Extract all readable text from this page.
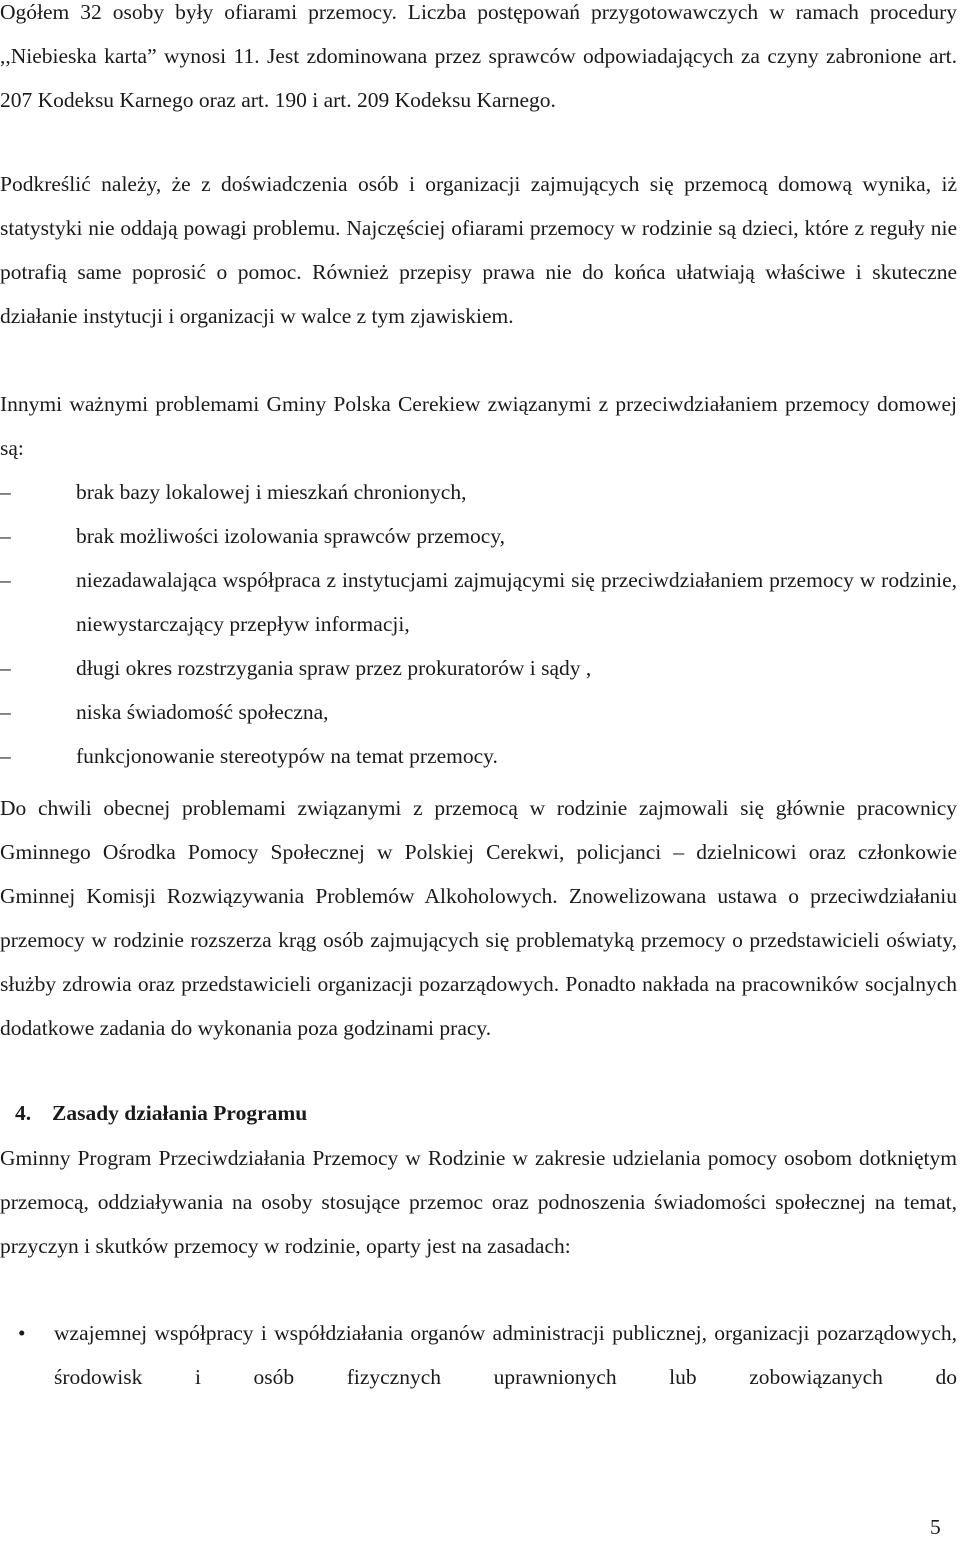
Ogółem 32 osoby były ofiarami przemocy. Liczba postępowań przygotowawczych w ramach procedury ,,Niebieska karta” wynosi 11. Jest zdominowana przez sprawców odpowiadających za czyny zabronione art. 207 Kodeksu Karnego oraz art. 190 i art. 209 Kodeksu Karnego.
Podkreślić należy, że z doświadczenia osób i organizacji zajmujących się przemocą domową wynika, iż statystyki nie oddają powagi problemu. Najczęściej ofiarami przemocy w rodzinie są dzieci, które z reguły nie potrafią same poprosić o pomoc. Również przepisy prawa nie do końca ułatwiają właściwe i skuteczne działanie instytucji i organizacji w walce z tym zjawiskiem.
Innymi ważnymi problemami Gminy Polska Cerekiew związanymi z przeciwdziałaniem przemocy domowej są:
–	brak bazy lokalowej i mieszkań chronionych,
–	brak możliwości izolowania sprawców przemocy,
–	niezadawalająca współpraca z instytucjami zajmującymi się przeciwdziałaniem przemocy w rodzinie, niewystarczający przepływ informacji,
–	długi okres rozstrzygania spraw przez prokuratorów i sądy ,
–	niska świadomość społeczna,
–	funkcjonowanie stereotypów na temat przemocy.
Do chwili obecnej problemami związanymi z przemocą w rodzinie zajmowali się głównie pracownicy Gminnego Ośrodka Pomocy Społecznej w Polskiej Cerekwi, policjanci – dzielnicowi oraz członkowie Gminnej Komisji Rozwiązywania Problemów Alkoholowych. Znowelizowana ustawa o przeciwdziałaniu przemocy w rodzinie rozszerza krąg osób zajmujących się problematyką przemocy o przedstawicieli oświaty, służby zdrowia oraz przedstawicieli organizacji pozarządowych. Ponadto nakłada na pracowników socjalnych dodatkowe zadania do wykonania poza godzinami pracy.
4. Zasady działania Programu
Gminny Program Przeciwdziałania Przemocy w Rodzinie w zakresie udzielania pomocy osobom dotkniętym przemocą, oddziaływania na osoby stosujące przemoc oraz podnoszenia świadomości społecznej na temat, przyczyn i skutków przemocy w rodzinie, oparty jest na zasadach:
• wzajemnej współpracy i współdziałania organów administracji publicznej, organizacji pozarządowych, środowisk i osób fizycznych uprawnionych lub zobowiązanych do
5
